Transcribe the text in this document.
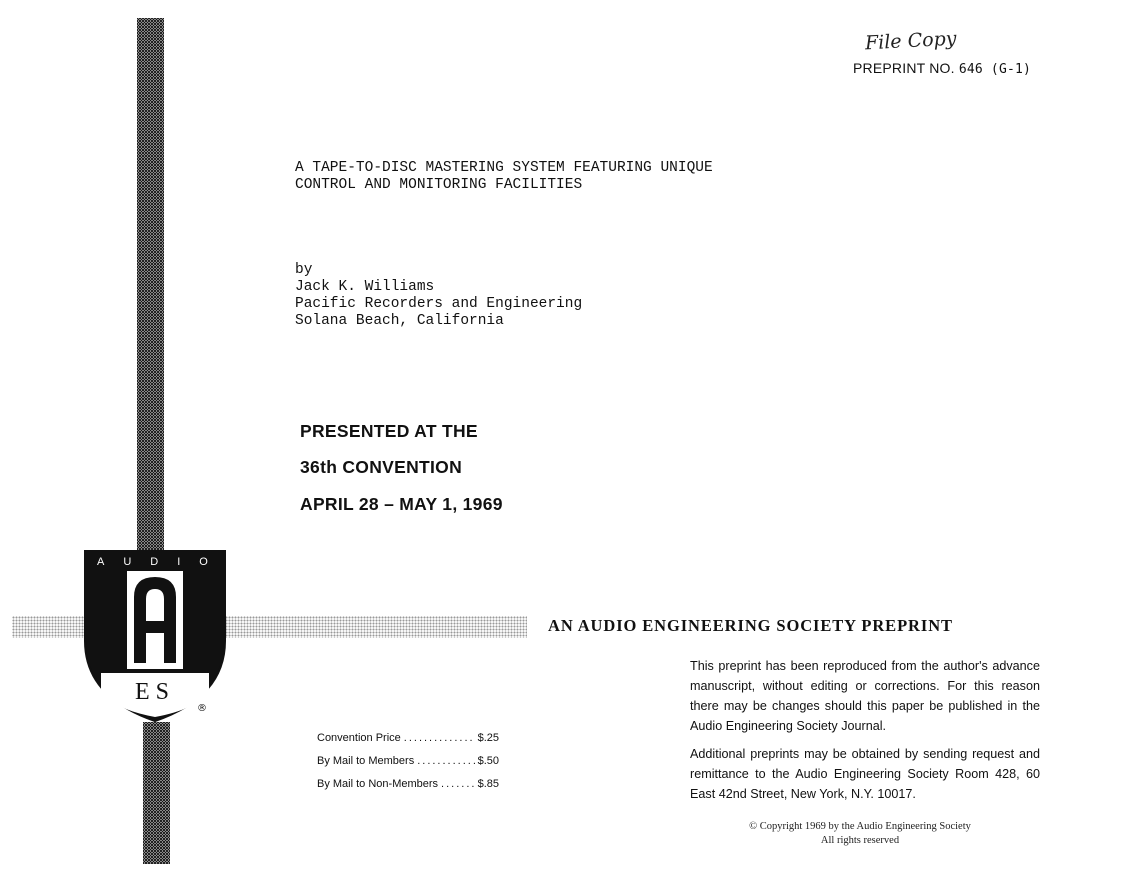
File Copy
PREPRINT NO. 646 (G-1)
A TAPE-TO-DISC MASTERING SYSTEM FEATURING UNIQUE
CONTROL AND MONITORING FACILITIES
by
Jack K. Williams
Pacific Recorders and Engineering
Solana Beach, California
PRESENTED AT THE
36th CONVENTION
APRIL 28 – MAY 1, 1969
AUDIO
ES
®
AN AUDIO ENGINEERING SOCIETY PREPRINT
This preprint has been reproduced from the author's advance manuscript, without editing or corrections. For this reason there may be changes should this paper be published in the Audio Engineering Society Journal.
Additional preprints may be obtained by sending request and remittance to the Audio Engineering Society Room 428, 60 East 42nd Street, New York, N.Y. 10017.
Convention Price .....	$.25
By Mail to Members .....	$.50
By Mail to Non-Members .....	$.85
© Copyright 1969 by the Audio Engineering Society
All rights reserved
